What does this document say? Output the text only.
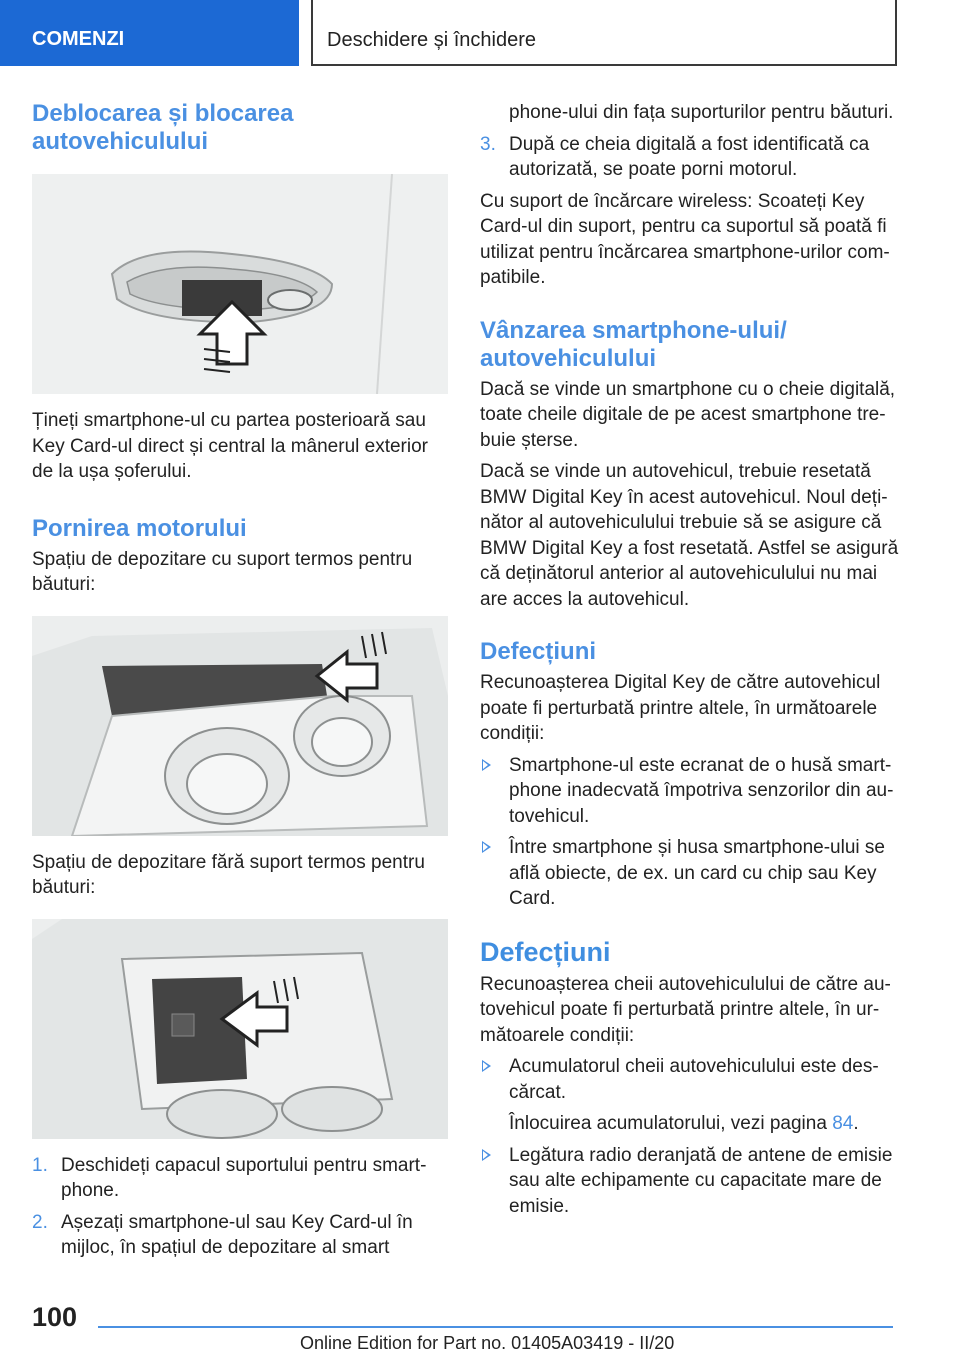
COMENZI	Deschidere și închidere
Deblocarea și blocarea autovehiculului

Țineți smartphone-ul cu partea posterioară sau Key Card-ul direct și central la mânerul exterior de la ușa șoferului.

Pornirea motorului

Spațiu de depozitare cu suport termos pentru băuturi:

Spațiu de depozitare fără suport termos pentru băuturi:

1. Deschideți capacul suportului pentru smartphone.
2. Așezați smartphone-ul sau Key Card-ul în mijloc, în spațiul de depozitare al smart
phone-ului din fața suporturilor pentru băuturi.
3. După ce cheia digitală a fost identificată ca autorizată, se poate porni motorul.

Cu suport de încărcare wireless: Scoateți Key Card-ul din suport, pentru ca suportul să poată fi utilizat pentru încărcarea smartphone-urilor compatibile.

Vânzarea smartphone-ului/ autovehiculului

Dacă se vinde un smartphone cu o cheie digitală, toate cheile digitale de pe acest smartphone trebuie șterse.

Dacă se vinde un autovehicul, trebuie resetată BMW Digital Key în acest autovehicul. Noul deținător al autovehiculului trebuie să se asigure că BMW Digital Key a fost resetată. Astfel se asigură că deținătorul anterior al autovehiculului nu mai are acces la autovehicul.

Defecțiuni

Recunoașterea Digital Key de către autovehicul poate fi perturbată printre altele, în următoarele condiții:

Smartphone-ul este ecranat de o husă smartphone inadecvată împotriva senzorilor din autovehicul.
Între smartphone și husa smartphone-ului se află obiecte, de ex. un card cu chip sau Key Card.
Defecțiuni

Recunoașterea cheii autovehiculului de către autovehicul poate fi perturbată printre altele, în următoarele condiții:

Acumulatorul cheii autovehiculului este descărcat.
Înlocuirea acumulatorului, vezi pagina 84.
Legătura radio deranjată de antene de emisie sau alte echipamente cu capacitate mare de emisie.
100
Online Edition for Part no. 01405A03419 - II/20
